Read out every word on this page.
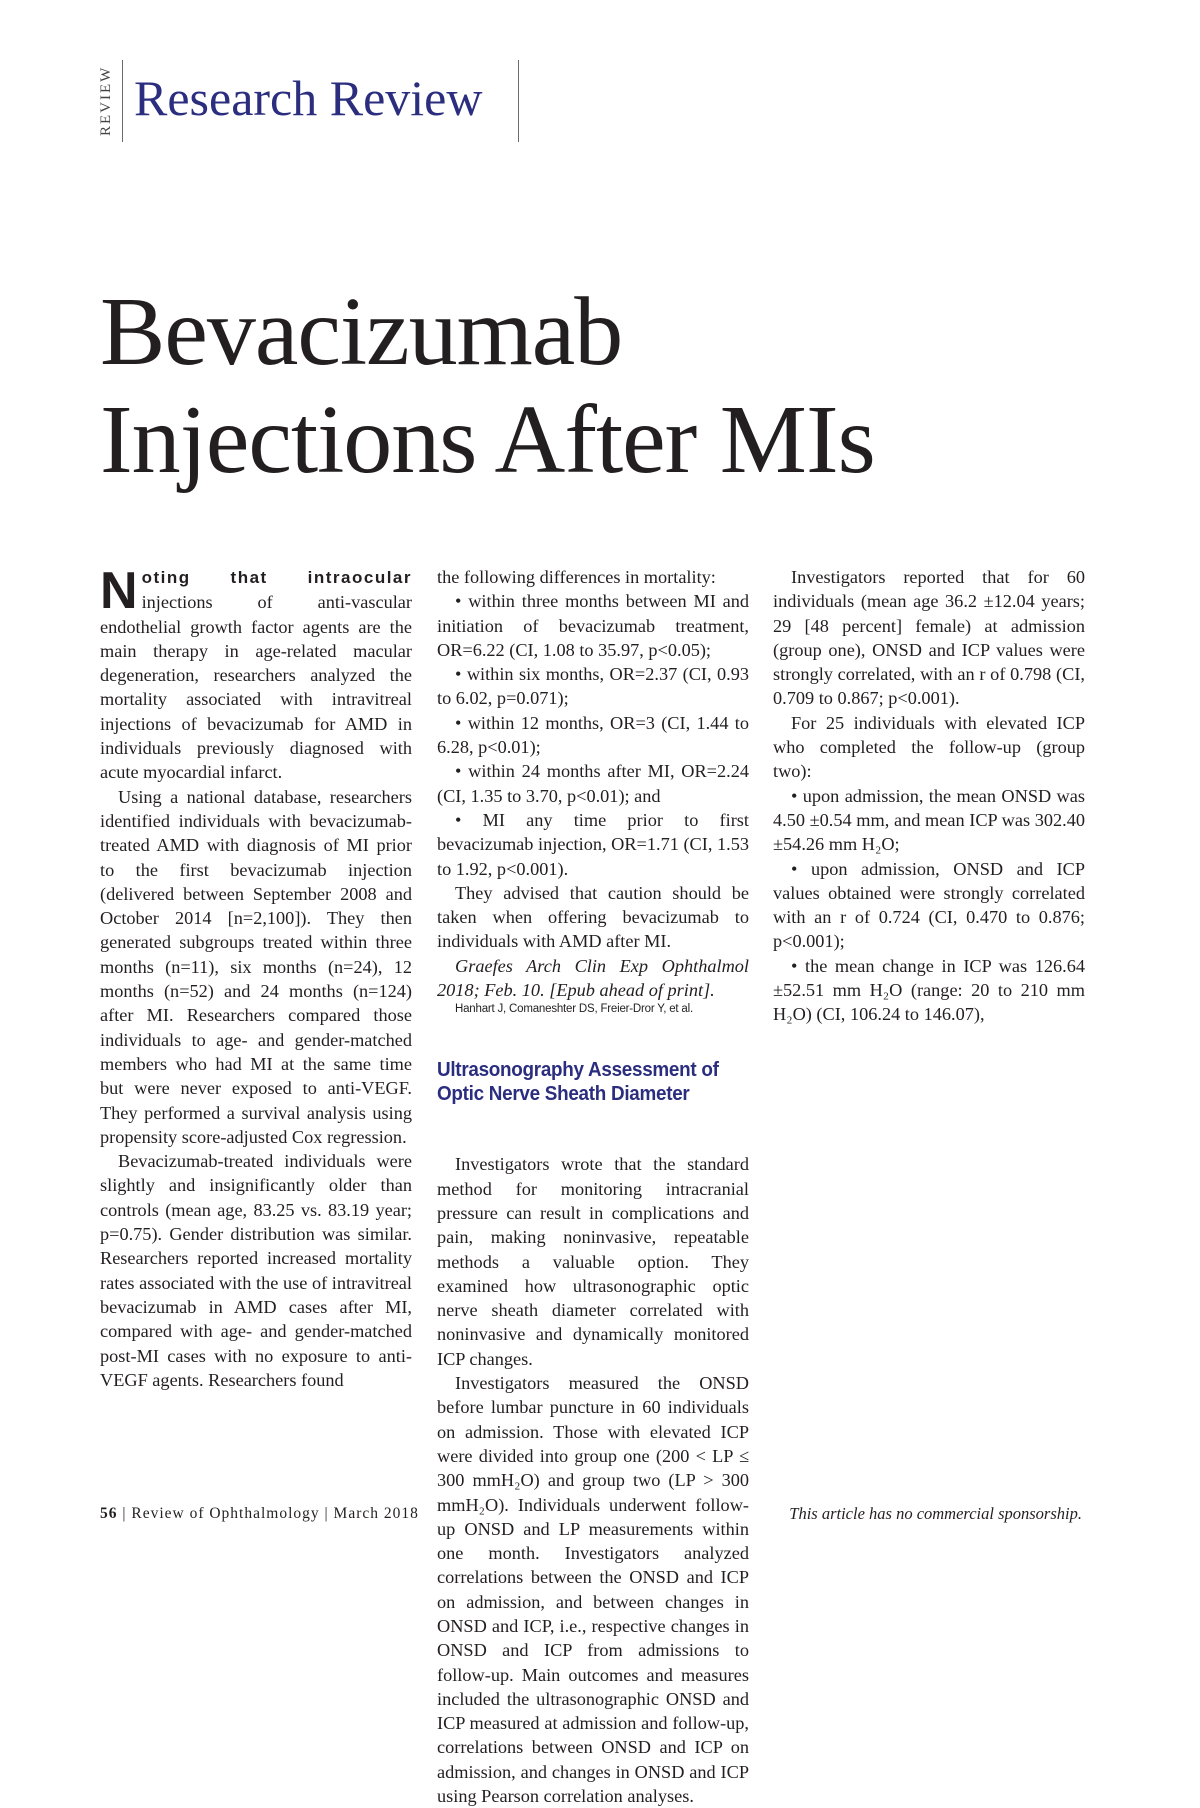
REVIEW Research Review
Bevacizumab
Injections After MIs

Noting that intraocular injections of anti-vascular endothelial growth factor agents are the main therapy in age-related macular degeneration, researchers analyzed the mortality associated with intravitreal injections of bevacizumab for AMD in individuals previously diagnosed with acute myocardial infarct.

Using a national database, researchers identified individuals with bevacizumab-treated AMD with diagnosis of MI prior to the first bevacizumab injection (delivered between September 2008 and October 2014 [n=2,100]). They then generated subgroups treated within three months (n=11), six months (n=24), 12 months (n=52) and 24 months (n=124) after MI. Researchers compared those individuals to age- and gender-matched members who had MI at the same time but were never exposed to anti-VEGF. They performed a survival analysis using propensity score-adjusted Cox regression.

Bevacizumab-treated individuals were slightly and insignificantly older than controls (mean age, 83.25 vs. 83.19 year; p=0.75). Gender distribution was similar. Researchers reported increased mortality rates associated with the use of intravitreal bevacizumab in AMD cases after MI, compared with age- and gender-matched post-MI cases with no exposure to anti-VEGF agents. Researchers found

the following differences in mortality:

• within three months between MI and initiation of bevacizumab treatment, OR=6.22 (CI, 1.08 to 35.97, p<0.05);

• within six months, OR=2.37 (CI, 0.93 to 6.02, p=0.071);

• within 12 months, OR=3 (CI, 1.44 to 6.28, p<0.01);

• within 24 months after MI, OR=2.24 (CI, 1.35 to 3.70, p<0.01); and

• MI any time prior to first bevacizumab injection, OR=1.71 (CI, 1.53 to 1.92, p<0.001).

They advised that caution should be taken when offering bevacizumab to individuals with AMD after MI.

Graefes Arch Clin Exp Ophthalmol 2018; Feb. 10. [Epub ahead of print].

Hanhart J, Comaneshter DS, Freier-Dror Y, et al.

Ultrasonography Assessment of Optic Nerve Sheath Diameter

Investigators wrote that the standard method for monitoring intracranial pressure can result in complications and pain, making noninvasive, repeatable methods a valuable option. They examined how ultrasonographic optic nerve sheath diameter correlated with noninvasive and dynamically monitored ICP changes.

Investigators measured the ONSD before lumbar puncture in 60 individuals on admission. Those with elevated ICP were divided into group one (200 < LP ≤ 300 mmH₂O) and group two (LP > 300 mmH₂O). Individuals underwent follow-up ONSD and LP measurements within one month. Investigators analyzed correlations between the ONSD and ICP on admission, and between changes in ONSD and ICP, i.e., respective changes in ONSD and ICP from admissions to follow-up. Main outcomes and measures included the ultrasonographic ONSD and ICP measured at admission and follow-up, correlations between ONSD and ICP on admission, and changes in ONSD and ICP using Pearson correlation analyses.

Investigators reported that for 60 individuals (mean age 36.2 ±12.04 years; 29 [48 percent] female) at admission (group one), ONSD and ICP values were strongly correlated, with an r of 0.798 (CI, 0.709 to 0.867; p<0.001).

For 25 individuals with elevated ICP who completed the follow-up (group two):

• upon admission, the mean ONSD was 4.50 ±0.54 mm, and mean ICP was 302.40 ±54.26 mm H₂O;

• upon admission, ONSD and ICP values obtained were strongly correlated with an r of 0.724 (CI, 0.470 to 0.876; p<0.001);

• the mean change in ICP was 126.64 ±52.51 mm H₂O (range: 20 to 210 mm H₂O) (CI, 106.24 to 146.07),

56 | Review of Ophthalmology | March 2018	This article has no commercial sponsorship.
